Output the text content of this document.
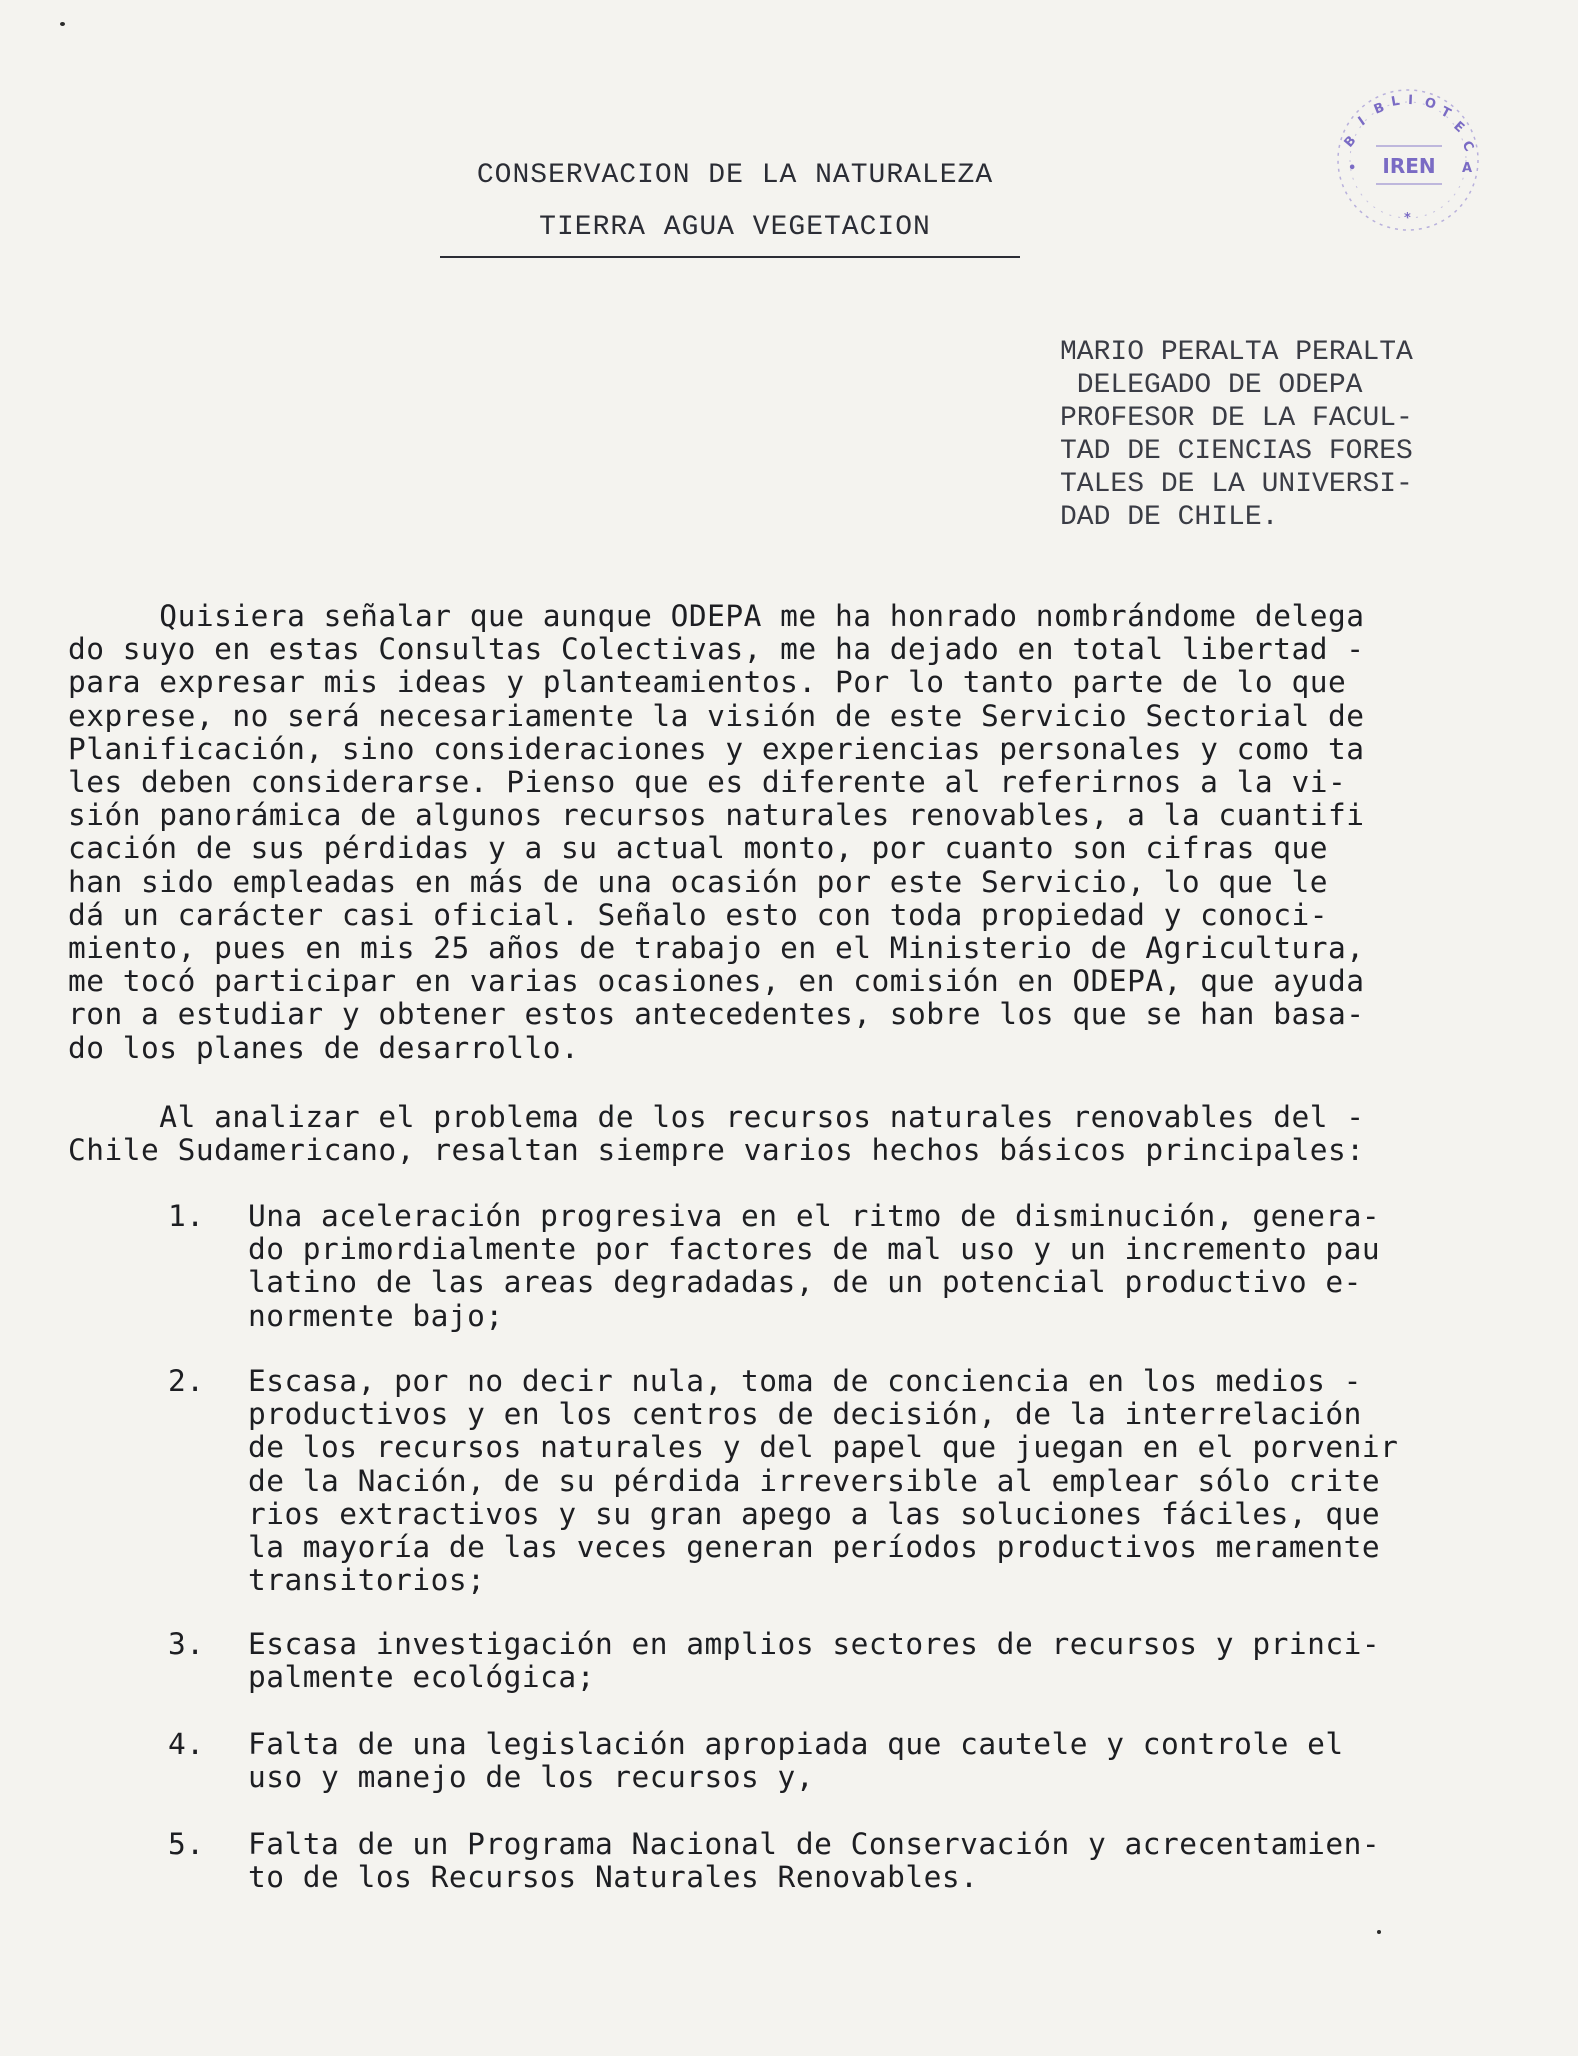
CONSERVACION DE LA NATURALEZA
TIERRA AGUA VEGETACION
B
I
B L I O
T
E
C
•	A
*
IREN
MARIO PERALTA PERALTA
DELEGADO DE ODEPA
PROFESOR DE LA FACUL-
TAD DE CIENCIAS FORES
TALES DE LA UNIVERSI-
DAD DE CHILE.
Quisiera señalar que aunque ODEPA me ha honrado nombrándome delega
do suyo en estas Consultas Colectivas, me ha dejado en total libertad -
para expresar mis ideas y planteamientos. Por lo tanto parte de lo que
exprese, no será necesariamente la visión de este Servicio Sectorial de
Planificación, sino consideraciones y experiencias personales y como ta
les deben considerarse. Pienso que es diferente al referirnos a la vi-
sión panorámica de algunos recursos naturales renovables, a la cuantifi
cación de sus pérdidas y a su actual monto, por cuanto son cifras que
han sido empleadas en más de una ocasión por este Servicio, lo que le
dá un carácter casi oficial. Señalo esto con toda propiedad y conoci-
miento, pues en mis 25 años de trabajo en el Ministerio de Agricultura,
me tocó participar en varias ocasiones, en comisión en ODEPA, que ayuda
ron a estudiar y obtener estos antecedentes, sobre los que se han basa-
do los planes de desarrollo.
Al analizar el problema de los recursos naturales renovables del -
Chile Sudamericano, resaltan siempre varios hechos básicos principales:
1.	Una aceleración progresiva en el ritmo de disminución, genera-
do primordialmente por factores de mal uso y un incremento pau
latino de las areas degradadas, de un potencial productivo e-
normente bajo;
2.	Escasa, por no decir nula, toma de conciencia en los medios -
productivos y en los centros de decisión, de la interrelación
de los recursos naturales y del papel que juegan en el porvenir
de la Nación, de su pérdida irreversible al emplear sólo crite
rios extractivos y su gran apego a las soluciones fáciles, que
la mayoría de las veces generan períodos productivos meramente
transitorios;
3.	Escasa investigación en amplios sectores de recursos y princi-
palmente ecológica;
4.	Falta de una legislación apropiada que cautele y controle el
uso y manejo de los recursos y,
5.	Falta de un Programa Nacional de Conservación y acrecentamien-
to de los Recursos Naturales Renovables.
